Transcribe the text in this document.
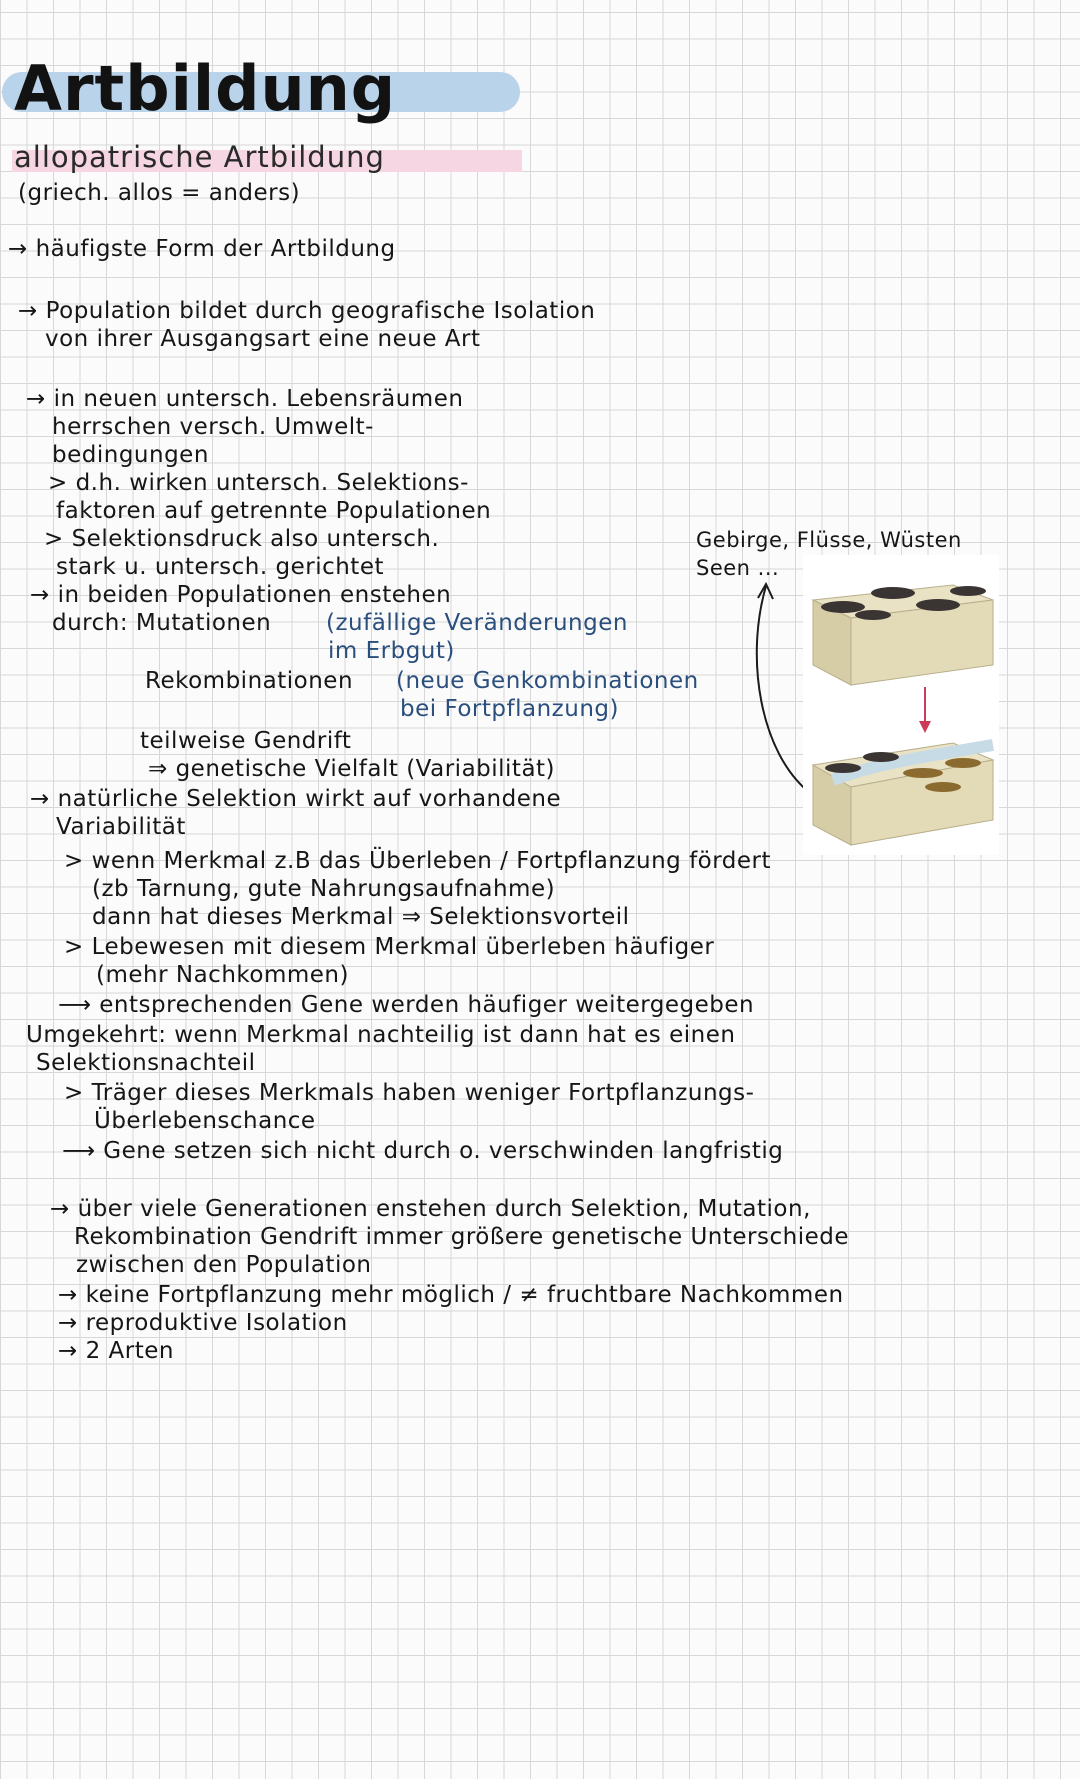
Artbildung
allopatrische Artbildung
(griech. allos = anders)
→ häufigste Form der Artbildung
→ Population bildet durch geografische Isolation
von ihrer Ausgangsart eine neue Art
→ in neuen untersch. Lebensräumen
herrschen versch. Umwelt-
bedingungen
> d.h. wirken untersch. Selektions-
faktoren auf getrennte Populationen
> Selektionsdruck also untersch.
stark u. untersch. gerichtet
→ in beiden Populationen enstehen
durch: Mutationen (zufällige Veränderungen
im Erbgut)
Rekombinationen (neue Genkombinationen
bei Fortpflanzung)
teilweise Gendrift
⇒ genetische Vielfalt (Variabilität)
→ natürliche Selektion wirkt auf vorhandene
Variabilität
> wenn Merkmal z.B das Überleben / Fortpflanzung fördert
(zb Tarnung, gute Nahrungsaufnahme)
dann hat dieses Merkmal ⇒ Selektionsvorteil
> Lebewesen mit diesem Merkmal überleben häufiger
(mehr Nachkommen)
⟶ entsprechenden Gene werden häufiger weitergegeben
Umgekehrt: wenn Merkmal nachteilig ist dann hat es einen
Selektionsnachteil
> Träger dieses Merkmals haben weniger Fortpflanzungs-
Überlebenschance
⟶ Gene setzen sich nicht durch o. verschwinden langfristig
→ über viele Generationen enstehen durch Selektion, Mutation,
Rekombination Gendrift immer größere genetische Unterschiede
zwischen den Population
→ keine Fortpflanzung mehr möglich / ≠ fruchtbare Nachkommen
→ reproduktive Isolation
→ 2 Arten
Gebirge, Flüsse, Wüsten
Seen ...
